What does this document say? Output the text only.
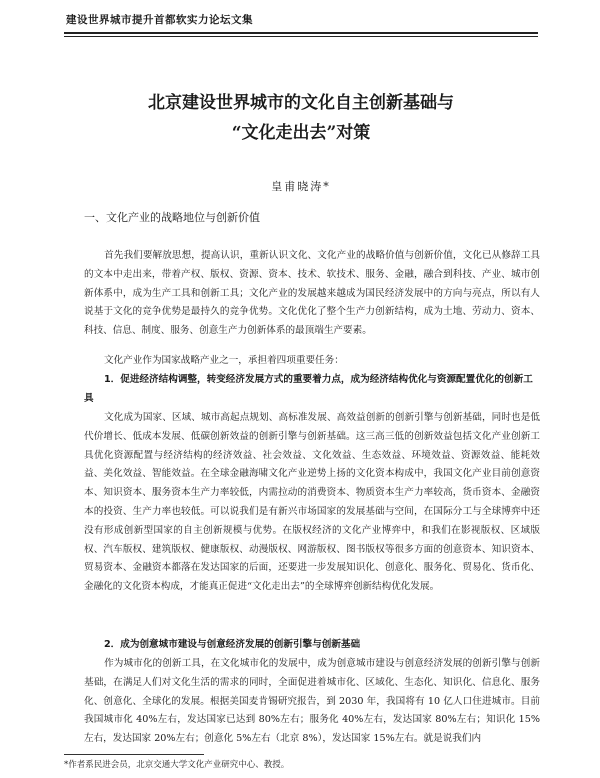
建设世界城市提升首都软实力论坛文集
北京建设世界城市的文化自主创新基础与
“文化走出去”对策
皇甫晓涛*
一、文化产业的战略地位与创新价值

首先我们要解放思想，提高认识，重新认识文化、文化产业的战略价值与创新价值，文化已从修辞工具的文本中走出来，带着产权、版权、资源、资本、技术、软技术、服务、金融，融合到科技、产业、城市创新体系中，成为生产工具和创新工具；文化产业的发展越来越成为国民经济发展中的方向与亮点，所以有人说基于文化的竞争优势是最持久的竞争优势。文化优化了整个生产力创新结构，成为土地、劳动力、资本、科技、信息、制度、服务、创意生产力创新体系的最顶端生产要素。

文化产业作为国家战略产业之一，承担着四项重要任务：

1．促进经济结构调整，转变经济发展方式的重要着力点，成为经济结构优化与资源配置优化的创新工具

文化成为国家、区域、城市高起点规划、高标准发展、高效益创新的创新引擎与创新基础，同时也是低代价增长、低成本发展、低碳创新效益的创新引擎与创新基础。这三高三低的创新效益包括文化产业创新工具优化资源配置与经济结构的经济效益、社会效益、文化效益、生态效益、环境效益、资源效益、能耗效益、美化效益、智能效益。在全球金融海啸文化产业逆势上扬的文化资本构成中，我国文化产业目前创意资本、知识资本、服务资本生产力率较低，内需拉动的消费资本、物质资本生产力率较高，货币资本、金融资本的投资、生产力率也较低。可以说我们是有新兴市场国家的发展基础与空间，在国际分工与全球博弈中还没有形成创新型国家的自主创新规模与优势。在版权经济的文化产业博弈中，和我们在影视版权、区域版权、汽车版权、建筑版权、健康版权、动漫版权、网游版权、图书版权等很多方面的创意资本、知识资本、贸易资本、金融资本都落在发达国家的后面，还要进一步发展知识化、创意化、服务化、贸易化、货币化、金融化的文化资本构成，才能真正促进“文化走出去”的全球博弈创新结构优化发展。

2．成为创意城市建设与创意经济发展的创新引擎与创新基础

作为城市化的创新工具，在文化城市化的发展中，成为创意城市建设与创意经济发展的创新引擎与创新基础，在满足人们对文化生活的需求的同时，全面促进着城市化、区域化、生态化、知识化、信息化、服务化、创意化、全球化的发展。根据美国麦肯锡研究报告，到 2030 年，我国将有 10 亿人口住进城市。目前我国城市化 40%左右，发达国家已达到 80%左右；服务化 40%左右，发达国家 80%左右；知识化 15%左右，发达国家 20%左右；创意化 5%左右（北京 8%），发达国家 15%左右。就是说我们内

*作者系民进会员，北京交通大学文化产业研究中心、教授。
